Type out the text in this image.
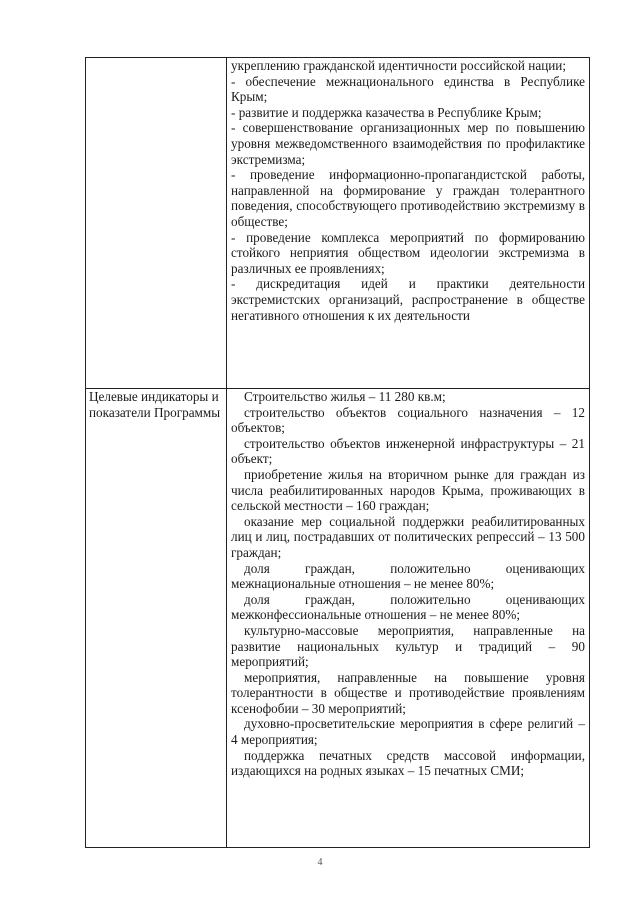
укреплению гражданской идентичности российской нации;

- обеспечение межнационального единства в Республике Крым;

- развитие и поддержка казачества в Республике Крым;

- совершенствование организационных мер по повышению уровня межведомственного взаимодействия по профилактике экстремизма;

- проведение информационно-пропагандистской работы, направленной на формирование у граждан толерантного поведения, способствующего противодействию экстремизму в обществе;

- проведение комплекса мероприятий по формированию стойкого неприятия обществом идеологии экстремизма в различных ее проявлениях;

- дискредитация идей и практики деятельности экстремистских организаций, распространение в обществе негативного отношения к их деятельности

Целевые индикаторы и показатели Программы

Строительство жилья – 11 280 кв.м;

строительство объектов социального назначения – 12 объектов;

строительство объектов инженерной инфраструктуры – 21 объект;

приобретение жилья на вторичном рынке для граждан из числа реабилитированных народов Крыма, проживающих в сельской местности – 160 граждан;

оказание мер социальной поддержки реабилитированных лиц и лиц, пострадавших от политических репрессий – 13 500 граждан;

доля граждан, положительно оценивающих межнациональные отношения – не менее 80%;

доля граждан, положительно оценивающих межконфессиональные отношения – не менее 80%;

культурно-массовые мероприятия, направленные на развитие национальных культур и традиций – 90 мероприятий;

мероприятия, направленные на повышение уровня толерантности в обществе и противодействие проявлениям ксенофобии – 30 мероприятий;

духовно-просветительские мероприятия в сфере религий – 4 мероприятия;

поддержка печатных средств массовой информации, издающихся на родных языках – 15 печатных СМИ;

4
